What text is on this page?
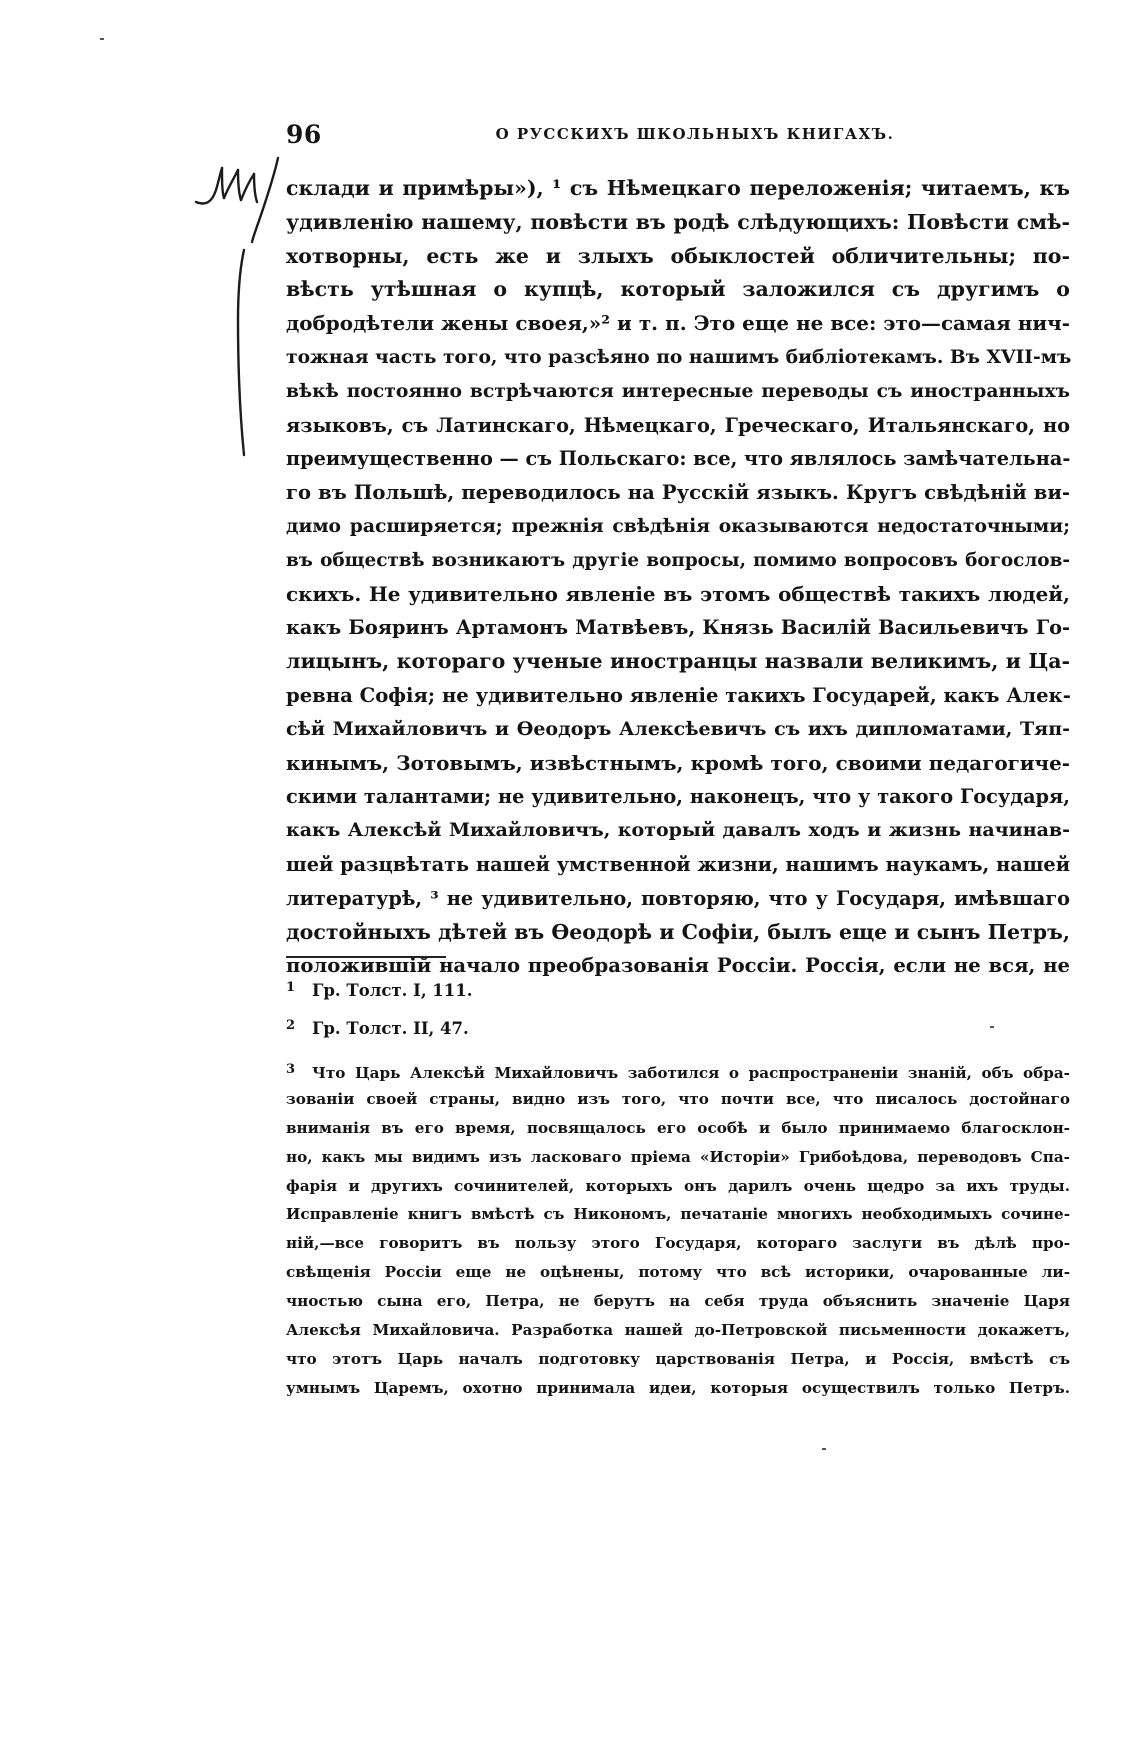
96	О РУССКИХЪ ШКОЛЬНЫХЪ КНИГАХЪ.
склади и примѣры»), ¹ съ Нѣмецкаго переложенія; читаемъ, къ
удивленію нашему, повѣсти въ родѣ слѣдующихъ: Повѣсти смѣ-
хотворны, есть же и злыхъ обыклостей обличительны; по-
вѣсть утѣшная о купцѣ, который заложился съ другимъ о
добродѣтели жены своея,»² и т. п. Это еще не все: это—самая нич-
тожная часть того, что разсѣяно по нашимъ библіотекамъ. Въ XVII-мъ
вѣкѣ постоянно встрѣчаются интересные переводы съ иностранныхъ
языковъ, съ Латинскаго, Нѣмецкаго, Греческаго, Итальянскаго, но
преимущественно — съ Польскаго: все, что являлось замѣчательна-
го въ Польшѣ, переводилось на Русскій языкъ. Кругъ свѣдѣній ви-
димо расширяется; прежнія свѣдѣнія оказываются недостаточными;
въ обществѣ возникаютъ другіе вопросы, помимо вопросовъ богослов-
скихъ. Не удивительно явленіе въ этомъ обществѣ такихъ людей,
какъ Бояринъ Артамонъ Матвѣевъ, Князь Василій Васильевичъ Го-
лицынъ, котораго ученые иностранцы назвали великимъ, и Ца-
ревна Софія; не удивительно явленіе такихъ Государей, какъ Алек-
сѣй Михайловичъ и Ѳеодоръ Алексѣевичъ съ ихъ дипломатами, Тяп-
кинымъ, Зотовымъ, извѣстнымъ, кромѣ того, своими педагогиче-
скими талантами; не удивительно, наконецъ, что у такого Государя,
какъ Алексѣй Михайловичъ, который давалъ ходъ и жизнь начинав-
шей разцвѣтать нашей умственной жизни, нашимъ наукамъ, нашей
литературѣ, ³ не удивительно, повторяю, что у Государя, имѣвшаго
достойныхъ дѣтей въ Ѳеодорѣ и Софіи, былъ еще и сынъ Петръ,
положившій начало преобразованія Россіи. Россія, если не вся, не
1 Гр. Толст. I, 111.
2 Гр. Толст. II, 47.
3 Что Царь Алексѣй Михайловичъ заботился о распространеніи знаній, объ обра-
зованіи своей страны, видно изъ того, что почти все, что писалось достойнаго
вниманія въ его время, посвящалось его особѣ и было принимаемо благосклон-
но, какъ мы видимъ изъ ласковаго пріема «Исторіи» Грибоѣдова, переводовъ Спа-
фарія и другихъ сочинителей, которыхъ онъ дарилъ очень щедро за ихъ труды.
Исправленіе книгъ вмѣстѣ съ Никономъ, печатаніе многихъ необходимыхъ сочине-
ній,—все говоритъ въ пользу этого Государя, котораго заслуги въ дѣлѣ про-
свѣщенія Россіи еще не оцѣнены, потому что всѣ историки, очарованные ли-
чностью сына его, Петра, не берутъ на себя труда объяснить значеніе Царя
Алексѣя Михайловича. Разработка нашей до-Петровской письменности докажетъ,
что этотъ Царь началъ подготовку царствованія Петра, и Россія, вмѣстѣ съ
умнымъ Царемъ, охотно принимала идеи, которыя осуществилъ только Петръ.
